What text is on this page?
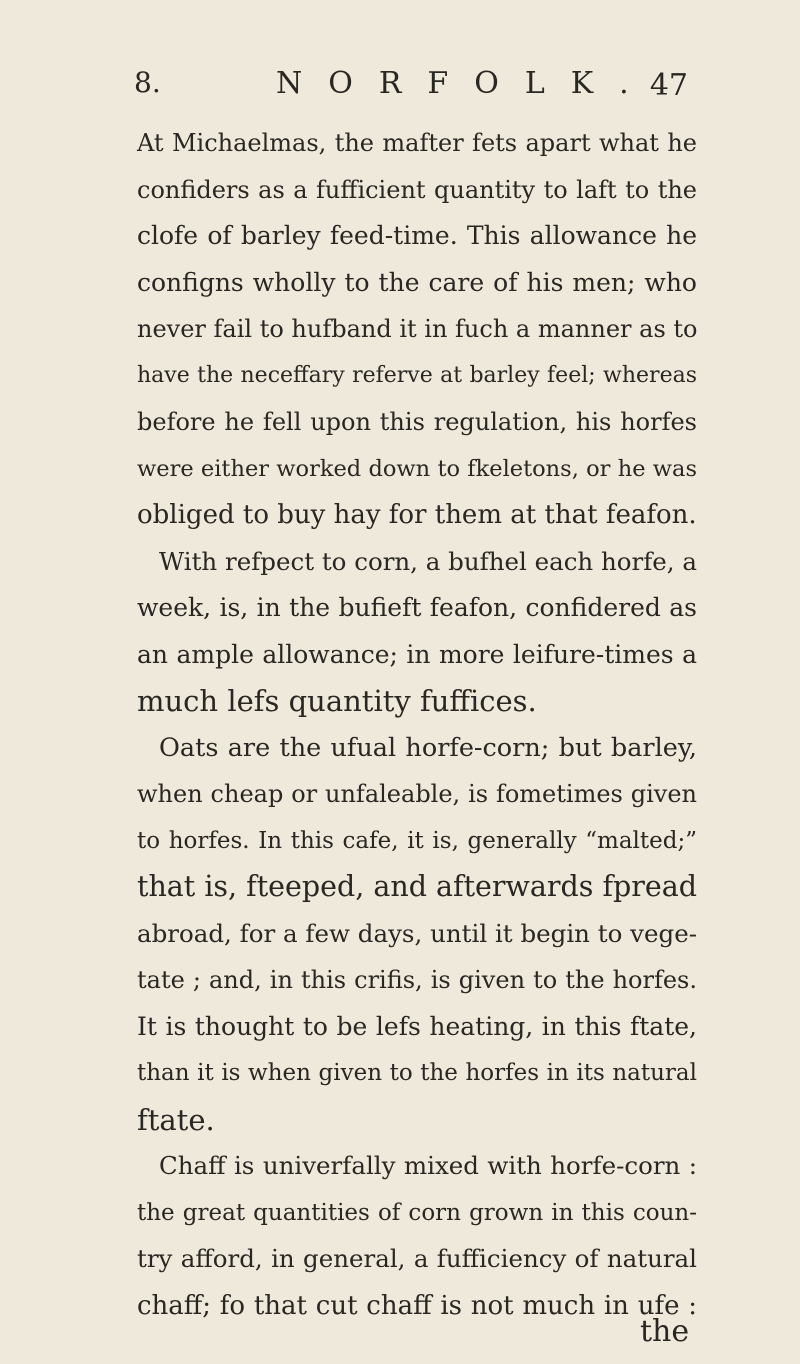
8.	NORFOLK.
47
At Michaelmas, the mafter fets apart what he
confiders as a fufficient quantity to laft to the
clofe of barley feed-time. This allowance he
configns wholly to the care of his men; who
never fail to hufband it in fuch a manner as to
have the neceffary referve at barley feel; whereas
before he fell upon this regulation, his horfes
were either worked down to fkeletons, or he was
obliged to buy hay for them at that feafon.
With refpect to corn, a bufhel each horfe, a
week, is, in the bufieft feafon, confidered as
an ample allowance; in more leifure-times a
much lefs quantity fuffices.
Oats are the ufual horfe-corn; but barley,
when cheap or unfaleable, is fometimes given
to horfes. In this cafe, it is, generally “malted;”
that is, fteeped, and afterwards fpread
abroad, for a few days, until it begin to vege-
tate ; and, in this crifis, is given to the horfes.
It is thought to be lefs heating, in this ftate,
than it is when given to the horfes in its natural
ftate.
Chaff is univerfally mixed with horfe-corn :
the great quantities of corn grown in this coun-
try afford, in general, a fufficiency of natural
chaff; fo that cut chaff is not much in ufe :
the
